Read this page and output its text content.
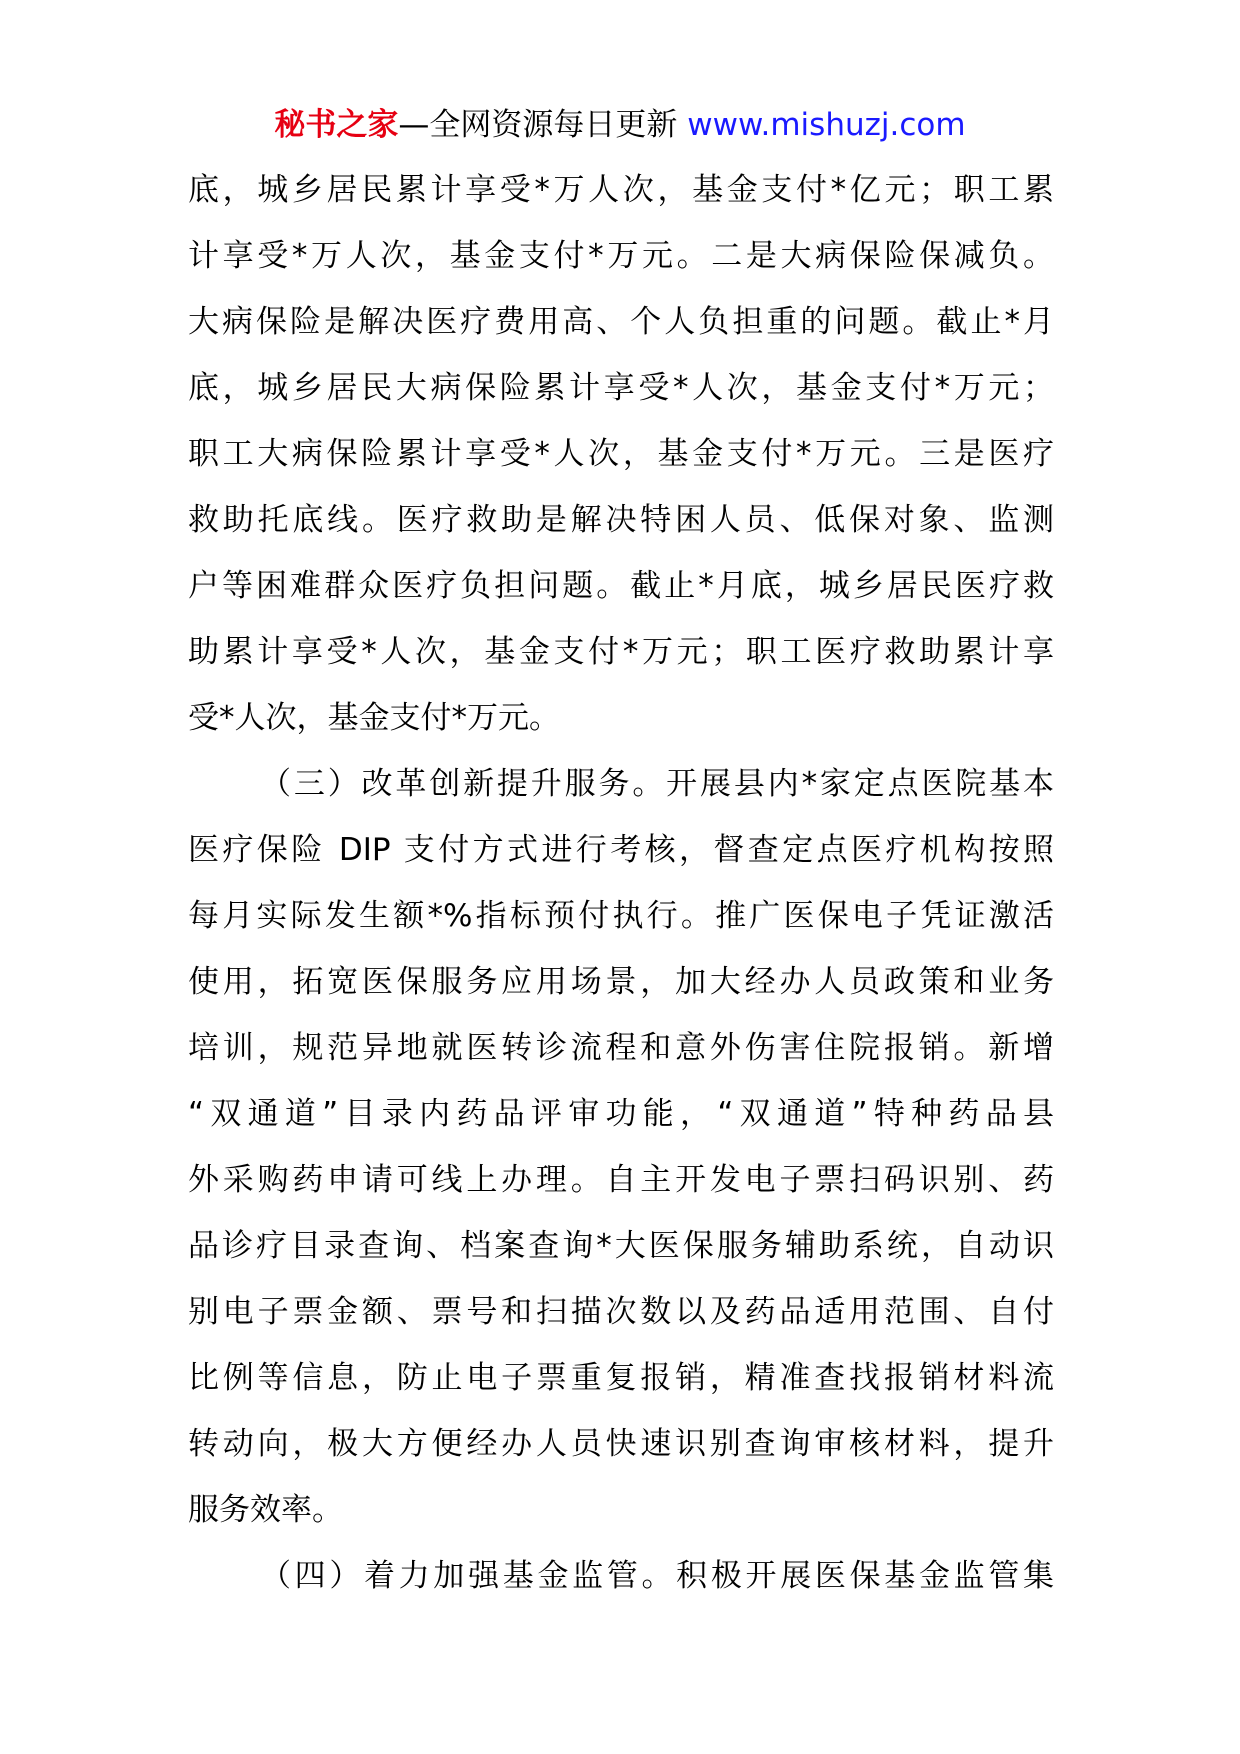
秘书之家—全网资源每日更新 www.mishuzj.com
底，城乡居民累计享受*万人次，基金支付*亿元；职工累
计享受*万人次，基金支付*万元。二是大病保险保减负。
大病保险是解决医疗费用高、个人负担重的问题。截止*月
底，城乡居民大病保险累计享受*人次，基金支付*万元；
职工大病保险累计享受*人次，基金支付*万元。三是医疗
救助托底线。医疗救助是解决特困人员、低保对象、监测
户等困难群众医疗负担问题。截止*月底，城乡居民医疗救
助累计享受*人次，基金支付*万元；职工医疗救助累计享
受*人次，基金支付*万元。
（三）改革创新提升服务。开展县内*家定点医院基本
医疗保险 DIP 支付方式进行考核，督查定点医疗机构按照
每月实际发生额*%指标预付执行。推广医保电子凭证激活
使用，拓宽医保服务应用场景，加大经办人员政策和业务
培训，规范异地就医转诊流程和意外伤害住院报销。新增
“双通道”目录内药品评审功能，“双通道”特种药品县
外采购药申请可线上办理。自主开发电子票扫码识别、药
品诊疗目录查询、档案查询*大医保服务辅助系统，自动识
别电子票金额、票号和扫描次数以及药品适用范围、自付
比例等信息，防止电子票重复报销，精准查找报销材料流
转动向，极大方便经办人员快速识别查询审核材料，提升
服务效率。
（四）着力加强基金监管。积极开展医保基金监管集
